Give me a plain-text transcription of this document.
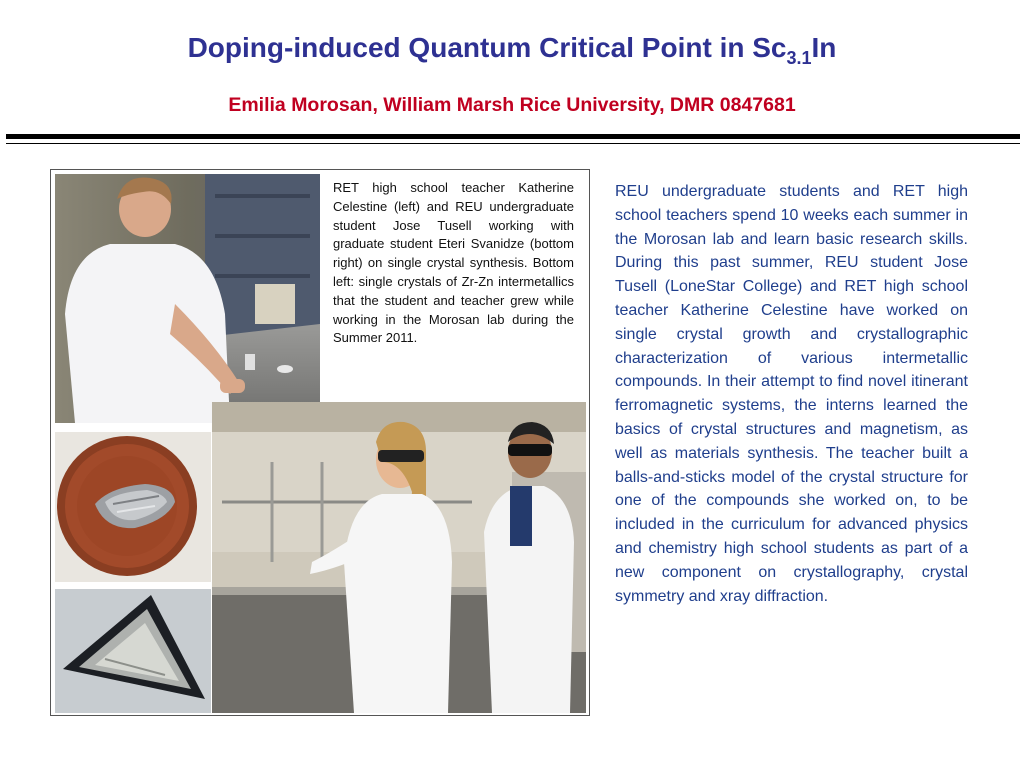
Doping-induced Quantum Critical Point in $Sc_{3.1}In$
Emilia Morosan, William Marsh Rice University, DMR 0847681
RET high school teacher Katherine Celestine (left) and REU undergraduate student Jose Tusell working with graduate student Eteri Svanidze (bottom right) on single crystal synthesis. Bottom left: single crystals of Zr-Zn intermetallics that the student and teacher grew while working in the Morosan lab during the Summer 2011.
REU undergraduate students and RET high school teachers spend 10 weeks each summer in the Morosan lab and learn basic research skills. During this past summer, REU student Jose Tusell (LoneStar College) and RET high school teacher Katherine Celestine have worked on single crystal growth and crystallographic characterization of various intermetallic compounds. In their attempt to find novel itinerant ferromagnetic systems, the interns learned the basics of crystal structures and magnetism, as well as materials synthesis. The teacher built a balls-and-sticks model of the crystal structure for one of the compounds she worked on, to be included in the curriculum for advanced physics and chemistry high school students as part of a new component on crystallography, crystal symmetry and xray diffraction.
